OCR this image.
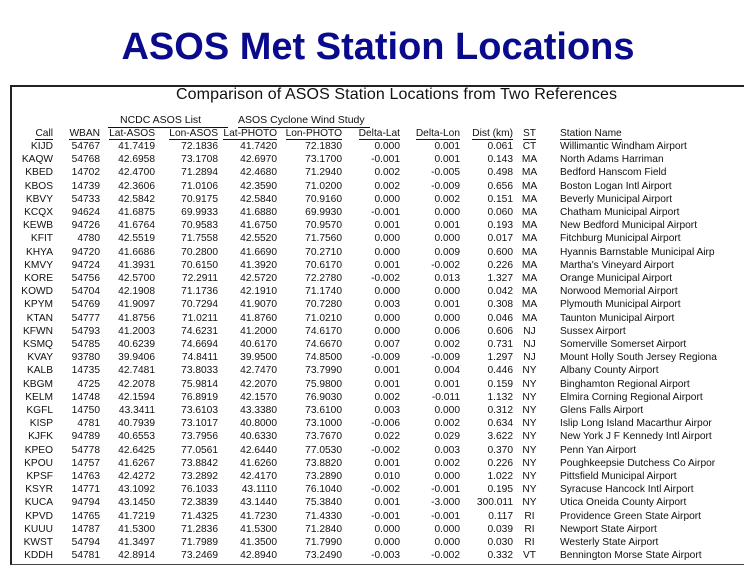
ASOS Met Station Locations
Comparison of ASOS Station Locations from Two References
NCDC ASOS List	ASOS Cyclone Wind Study
Call	WBAN	Lat-ASOS	Lon-ASOS	Lat-PHOTO	Lon-PHOTO	Delta-Lat	Delta-Lon	Dist (km)	ST	Station Name
KIJD	54767	41.7419	72.1836	41.7420	72.1830	0.000	0.001	0.061	CT	Willimantic Windham Airport
KAQW	54768	42.6958	73.1708	42.6970	73.1700	-0.001	0.001	0.143	MA	North Adams Harriman
KBED	14702	42.4700	71.2894	42.4680	71.2940	0.002	-0.005	0.498	MA	Bedford Hanscom Field
KBOS	14739	42.3606	71.0106	42.3590	71.0200	0.002	-0.009	0.656	MA	Boston Logan Intl Airport
KBVY	54733	42.5842	70.9175	42.5840	70.9160	0.000	0.002	0.151	MA	Beverly Municipal Airport
KCQX	94624	41.6875	69.9933	41.6880	69.9930	-0.001	0.000	0.060	MA	Chatham Municipal Airport
KEWB	94726	41.6764	70.9583	41.6750	70.9570	0.001	0.001	0.193	MA	New Bedford Municipal Airport
KFIT	4780	42.5519	71.7558	42.5520	71.7560	0.000	0.000	0.017	MA	Fitchburg Municipal Airport
KHYA	94720	41.6686	70.2800	41.6690	70.2710	0.000	0.009	0.600	MA	Hyannis Barnstable Municipal Airp
KMVY	94724	41.3931	70.6150	41.3920	70.6170	0.001	-0.002	0.226	MA	Martha's Vineyard Airport
KORE	54756	42.5700	72.2911	42.5720	72.2780	-0.002	0.013	1.327	MA	Orange Municipal Airport
KOWD	54704	42.1908	71.1736	42.1910	71.1740	0.000	0.000	0.042	MA	Norwood Memorial Airport
KPYM	54769	41.9097	70.7294	41.9070	70.7280	0.003	0.001	0.308	MA	Plymouth Municipal Airport
KTAN	54777	41.8756	71.0211	41.8760	71.0210	0.000	0.000	0.046	MA	Taunton Municipal Airport
KFWN	54793	41.2003	74.6231	41.2000	74.6170	0.000	0.006	0.606	NJ	Sussex Airport
KSMQ	54785	40.6239	74.6694	40.6170	74.6670	0.007	0.002	0.731	NJ	Somerville Somerset Airport
KVAY	93780	39.9406	74.8411	39.9500	74.8500	-0.009	-0.009	1.297	NJ	Mount Holly South Jersey Regiona
KALB	14735	42.7481	73.8033	42.7470	73.7990	0.001	0.004	0.446	NY	Albany County Airport
KBGM	4725	42.2078	75.9814	42.2070	75.9800	0.001	0.001	0.159	NY	Binghamton Regional Airport
KELM	14748	42.1594	76.8919	42.1570	76.9030	0.002	-0.011	1.132	NY	Elmira Corning Regional Airport
KGFL	14750	43.3411	73.6103	43.3380	73.6100	0.003	0.000	0.312	NY	Glens Falls Airport
KISP	4781	40.7939	73.1017	40.8000	73.1000	-0.006	0.002	0.634	NY	Islip Long Island Macarthur Airpor
KJFK	94789	40.6553	73.7956	40.6330	73.7670	0.022	0.029	3.622	NY	New York J F Kennedy Intl Airport
KPEO	54778	42.6425	77.0561	42.6440	77.0530	-0.002	0.003	0.370	NY	Penn Yan Airport
KPOU	14757	41.6267	73.8842	41.6260	73.8820	0.001	0.002	0.226	NY	Poughkeepsie Dutchess Co Airpor
KPSF	14763	42.4272	73.2892	42.4170	73.2890	0.010	0.000	1.022	NY	Pittsfield Municipal Airport
KSYR	14771	43.1092	76.1033	43.1110	76.1040	-0.002	-0.001	0.195	NY	Syracuse Hancock Intl Airport
KUCA	94794	43.1450	72.3839	43.1440	75.3840	0.001	-3.000	300.011	NY	Utica Oneida County Airport
KPVD	14765	41.7219	71.4325	41.7230	71.4330	-0.001	-0.001	0.117	RI	Providence Green State Airport
KUUU	14787	41.5300	71.2836	41.5300	71.2840	0.000	0.000	0.039	RI	Newport State Airport
KWST	54794	41.3497	71.7989	41.3500	71.7990	0.000	0.000	0.030	RI	Westerly State Airport
KDDH	54781	42.8914	73.2469	42.8940	73.2490	-0.003	-0.002	0.332	VT	Bennington Morse State Airport
